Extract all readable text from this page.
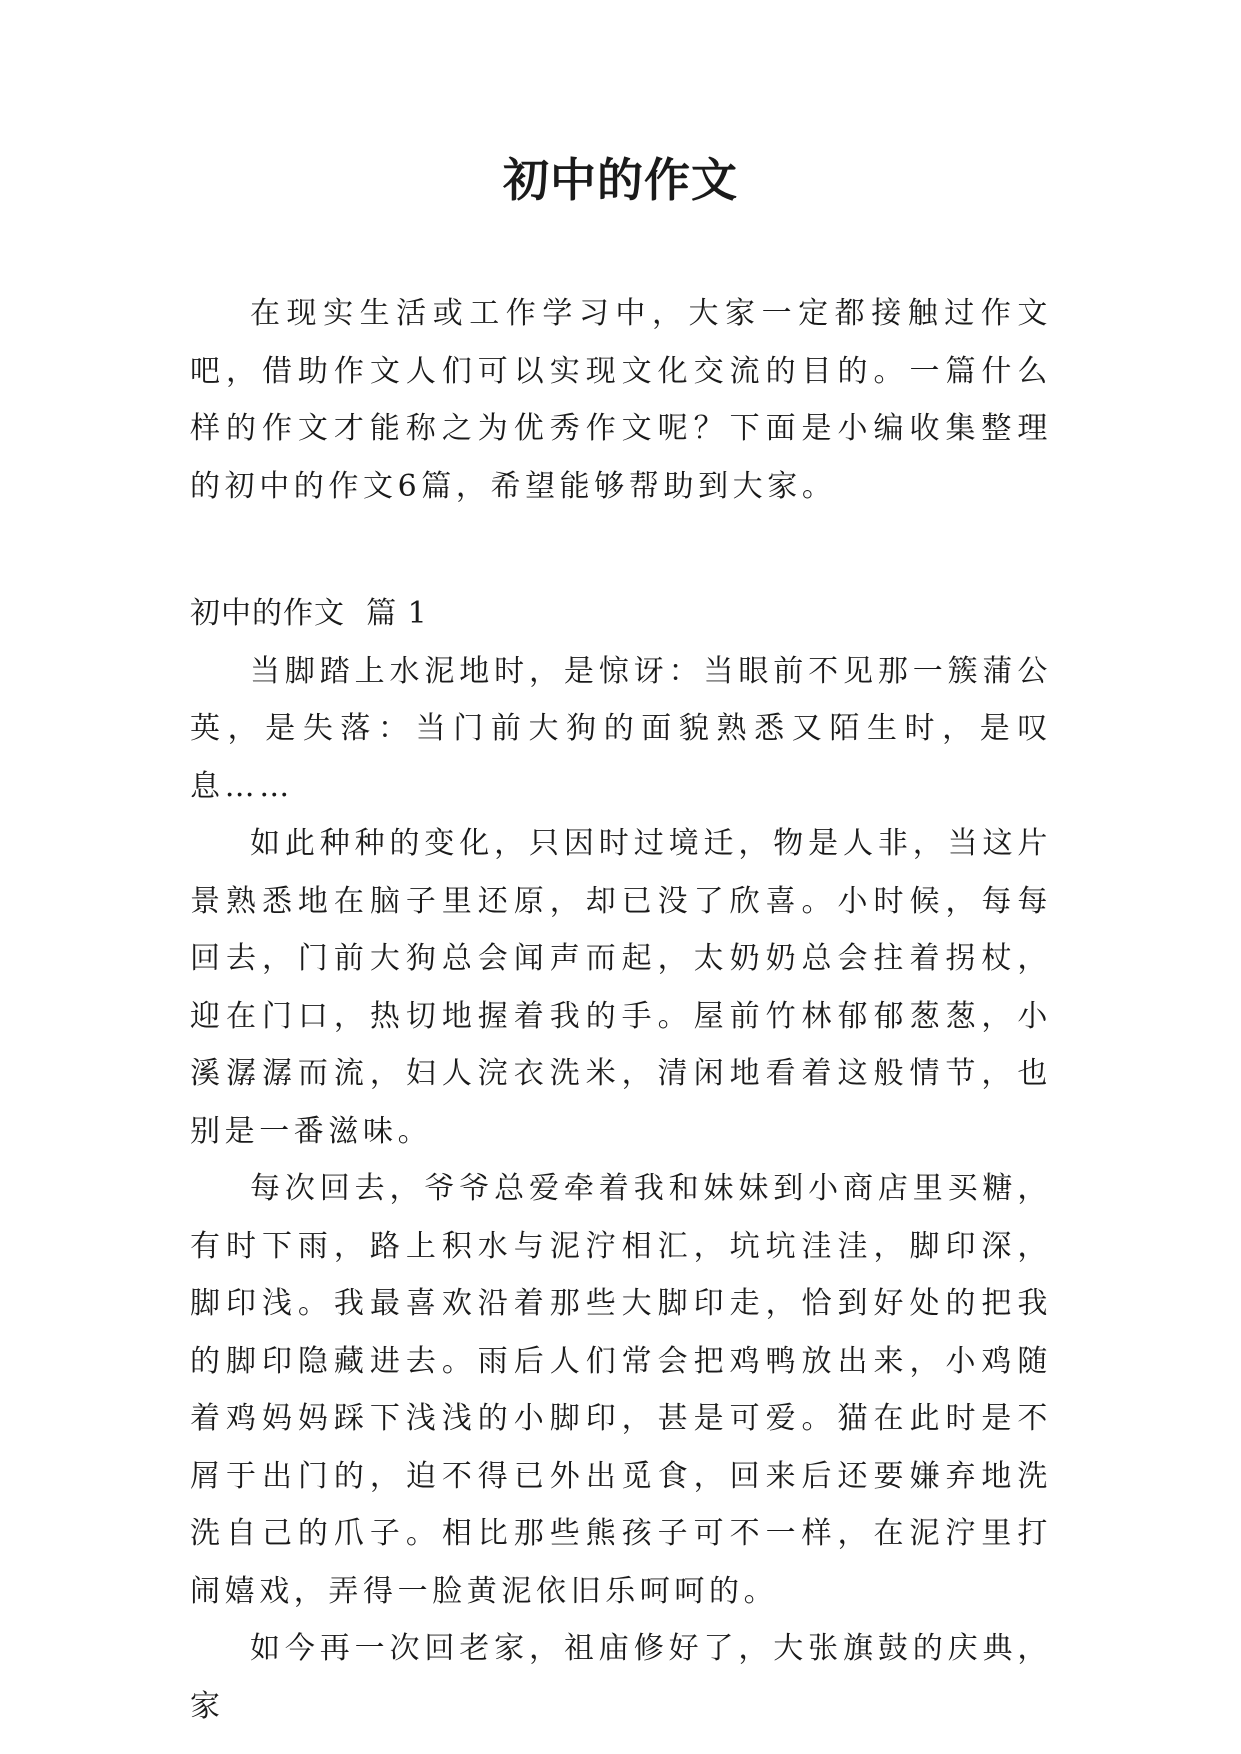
初中的作文

在现实生活或工作学习中，大家一定都接触过作文吧，借助作文人们可以实现文化交流的目的。一篇什么样的作文才能称之为优秀作文呢？下面是小编收集整理的初中的作文6篇，希望能够帮助到大家。

初中的作文  篇 1

当脚踏上水泥地时，是惊讶：当眼前不见那一簇蒲公英，是失落：当门前大狗的面貌熟悉又陌生时，是叹息……

如此种种的变化，只因时过境迁，物是人非，当这片景熟悉地在脑子里还原，却已没了欣喜。小时候，每每回去，门前大狗总会闻声而起，太奶奶总会拄着拐杖，迎在门口，热切地握着我的手。屋前竹林郁郁葱葱，小溪潺潺而流，妇人浣衣洗米，清闲地看着这般情节，也别是一番滋味。

每次回去，爷爷总爱牵着我和妹妹到小商店里买糖，有时下雨，路上积水与泥泞相汇，坑坑洼洼，脚印深，脚印浅。我最喜欢沿着那些大脚印走，恰到好处的把我的脚印隐藏进去。雨后人们常会把鸡鸭放出来，小鸡随着鸡妈妈踩下浅浅的小脚印，甚是可爱。猫在此时是不屑于出门的，迫不得已外出觅食，回来后还要嫌弃地洗洗自己的爪子。相比那些熊孩子可不一样，在泥泞里打闹嬉戏，弄得一脸黄泥依旧乐呵呵的。

如今再一次回老家，祖庙修好了，大张旗鼓的庆典，家
